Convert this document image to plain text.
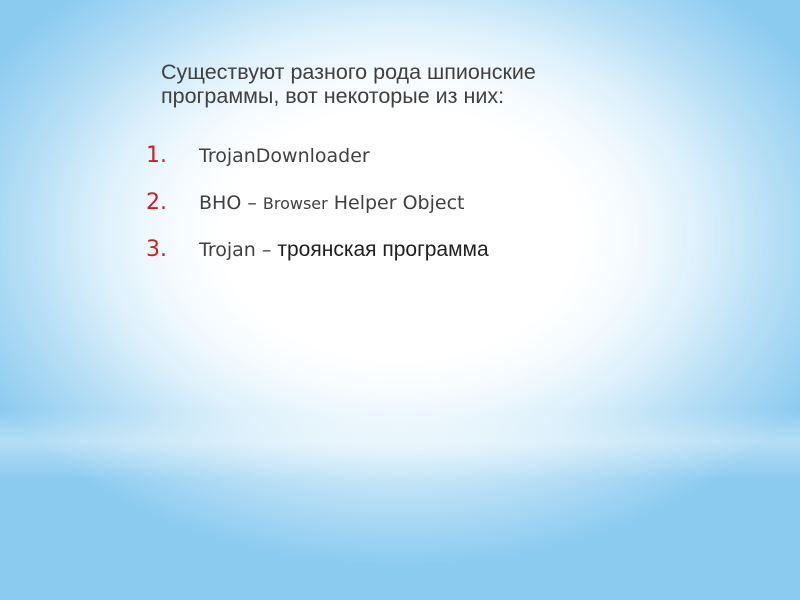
Существуют разного рода шпионские программы, вот некоторые из них:

1.	TrojanDownloader
2.	BHO – Browser Helper Object
3.	Trojan – троянская программа
